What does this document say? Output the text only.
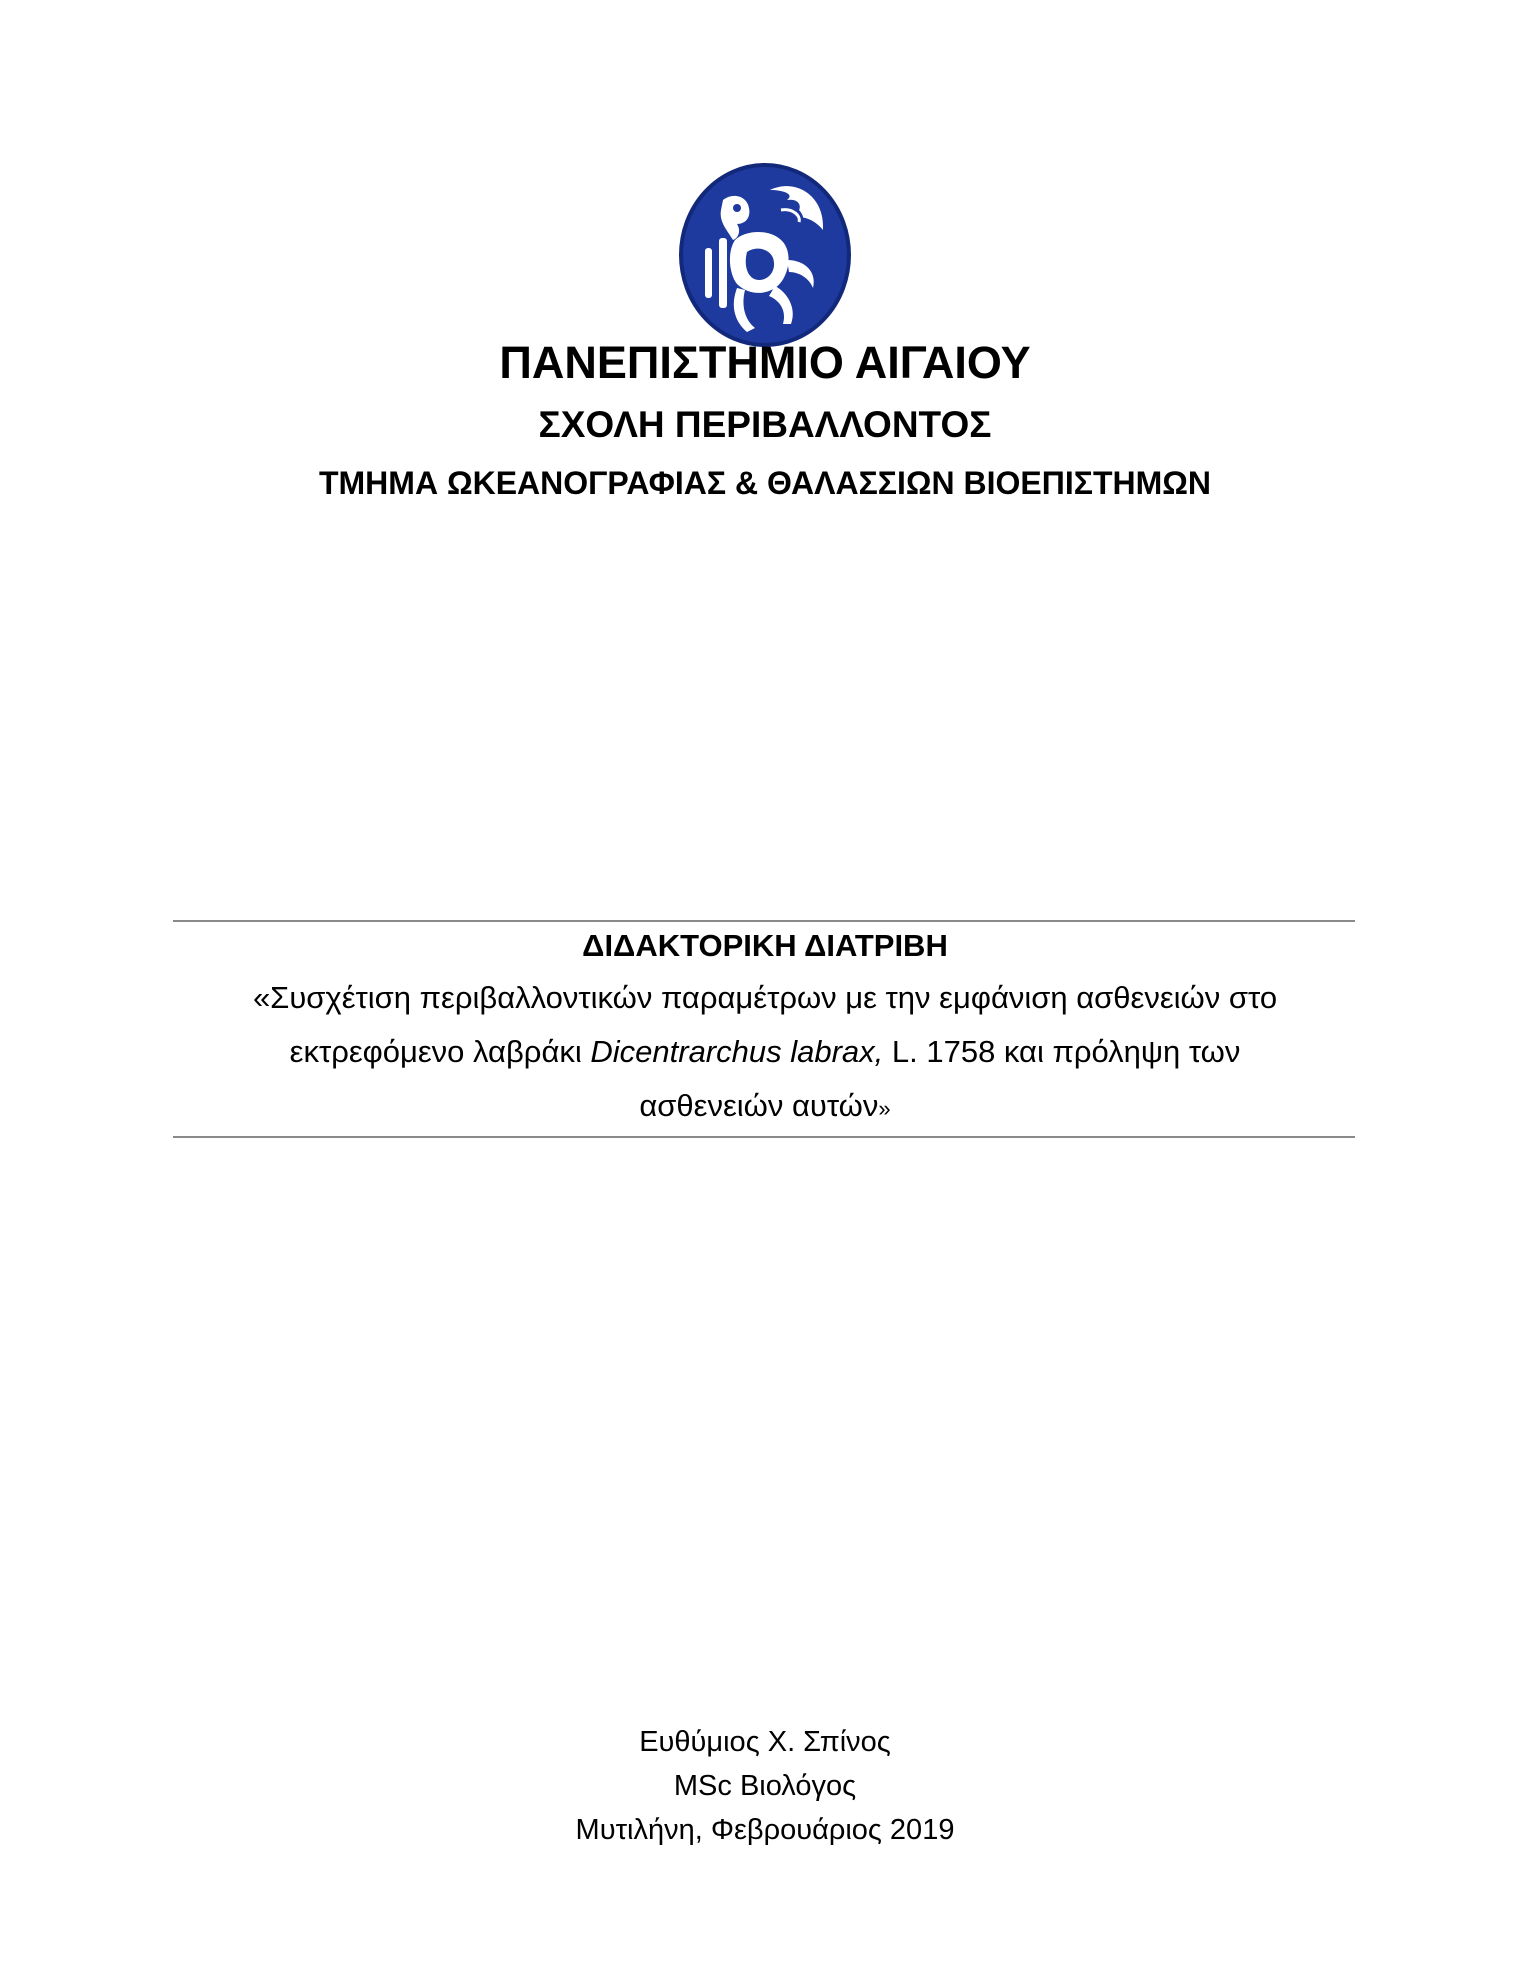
ΠΑΝΕΠΙΣΤΗΜΙΟ ΑΙΓΑΙΟΥ
ΣΧΟΛΗ ΠΕΡΙΒΑΛΛΟΝΤΟΣ
ΤΜΗΜΑ ΩΚΕΑΝΟΓΡΑΦΙΑΣ & ΘΑΛΑΣΣΙΩΝ ΒΙΟΕΠΙΣΤΗΜΩΝ
ΔΙΔΑΚΤΟΡΙΚΗ ΔΙΑΤΡΙΒΗ
«Συσχέτιση περιβαλλοντικών παραμέτρων με την εμφάνιση ασθενειών στο
εκτρεφόμενο λαβράκι Dicentrarchus labrax, L. 1758 και πρόληψη των
ασθενειών αυτών»
Ευθύμιος Χ. Σπίνος
MSc Βιολόγος
Μυτιλήνη, Φεβρουάριος 2019
